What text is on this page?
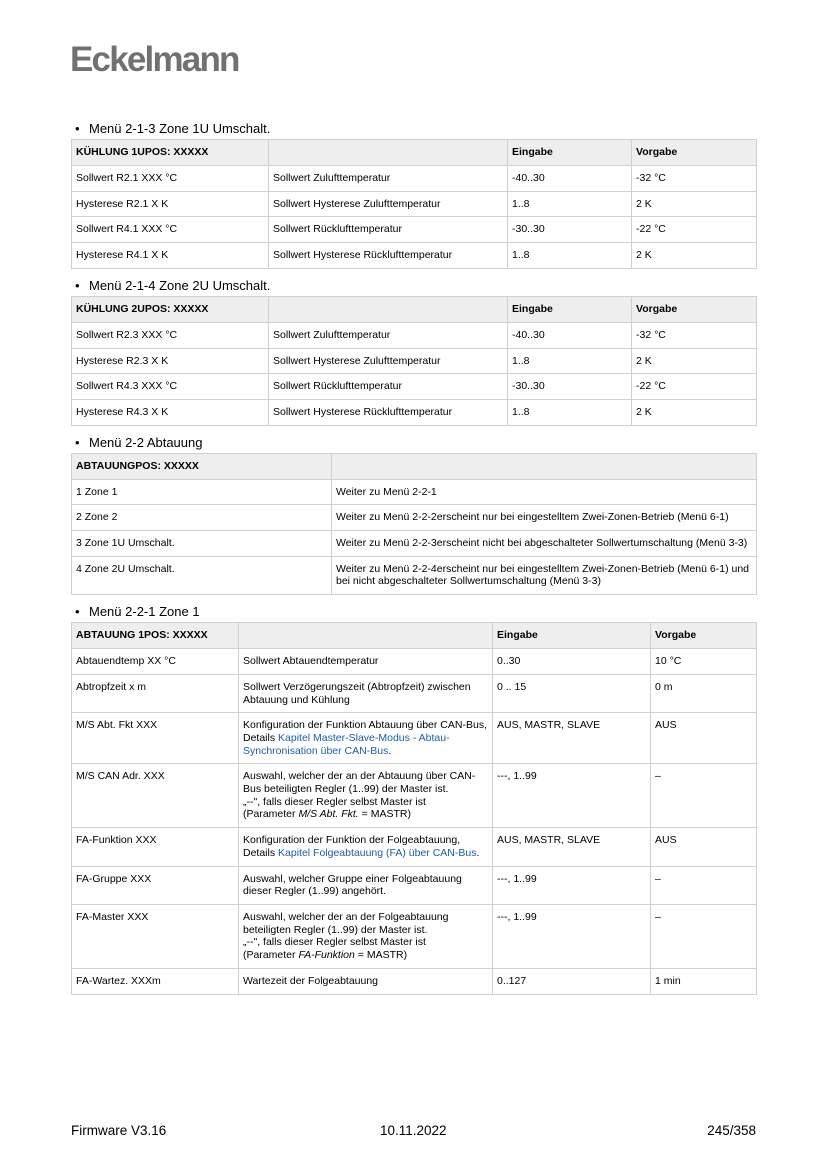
Eckelmann
• Menü 2-1-3 Zone 1U Umschalt.
KÜHLUNG 1UPOS: XXXXX		Eingabe	Vorgabe
Sollwert R2.1 XXX °C	Sollwert Zulufttemperatur	-40..30	-32 °C
Hysterese R2.1 X K	Sollwert Hysterese Zulufttemperatur	1..8	2 K
Sollwert R4.1 XXX °C	Sollwert Rücklufttemperatur	-30..30	-22 °C
Hysterese R4.1 X K	Sollwert Hysterese Rücklufttemperatur	1..8	2 K
• Menü 2-1-4 Zone 2U Umschalt.
KÜHLUNG 2UPOS: XXXXX		Eingabe	Vorgabe
Sollwert R2.3 XXX °C	Sollwert Zulufttemperatur	-40..30	-32 °C
Hysterese R2.3 X K	Sollwert Hysterese Zulufttemperatur	1..8	2 K
Sollwert R4.3 XXX °C	Sollwert Rücklufttemperatur	-30..30	-22 °C
Hysterese R4.3 X K	Sollwert Hysterese Rücklufttemperatur	1..8	2 K
• Menü 2-2 Abtauung
ABTAUUNGPOS: XXXXX	
1 Zone 1	Weiter zu Menü 2-2-1
2 Zone 2	Weiter zu Menü 2-2-2erscheint nur bei eingestelltem Zwei-Zonen-Betrieb (Menü 6-1)
3 Zone 1U Umschalt.	Weiter zu Menü 2-2-3erscheint nicht bei abgeschalteter Sollwertumschaltung (Menü 3-3)
4 Zone 2U Umschalt.	Weiter zu Menü 2-2-4erscheint nur bei eingestelltem Zwei-Zonen-Betrieb (Menü 6-1) und bei nicht abgeschalteter Sollwertumschaltung (Menü 3-3)
• Menü 2-2-1 Zone 1
ABTAUUNG 1POS: XXXXX		Eingabe	Vorgabe
Abtauendtemp XX °C	Sollwert Abtauendtemperatur	0..30	10 °C
Abtropfzeit x m	Sollwert Verzögerungszeit (Abtropfzeit) zwischen Abtauung und Kühlung	0 .. 15	0 m
M/S Abt. Fkt XXX	Konfiguration der Funktion Abtauung über CAN-Bus, Details Kapitel Master-Slave-Modus - Abtau-Synchronisation über CAN-Bus.	AUS, MASTR, SLAVE	AUS
M/S CAN Adr. XXX	Auswahl, welcher der an der Abtauung über CAN-Bus beteiligten Regler (1..99) der Master ist.
„--", falls dieser Regler selbst Master ist
(Parameter M/S Abt. Fkt. = MASTR)	---, 1..99	–
FA-Funktion XXX	Konfiguration der Funktion der Folgeabtauung, Details Kapitel Folgeabtauung (FA) über CAN-Bus.	AUS, MASTR, SLAVE	AUS
FA-Gruppe XXX	Auswahl, welcher Gruppe einer Folgeabtauung dieser Regler (1..99) angehört.	---, 1..99	–
FA-Master XXX	Auswahl, welcher der an der Folgeabtauung beteiligten Regler (1..99) der Master ist.
„--", falls dieser Regler selbst Master ist
(Parameter FA-Funktion = MASTR)	---, 1..99	–
FA-Wartez. XXXm	Wartezeit der Folgeabtauung	0..127	1 min
Firmware V3.16	10.11.2022	245/358
